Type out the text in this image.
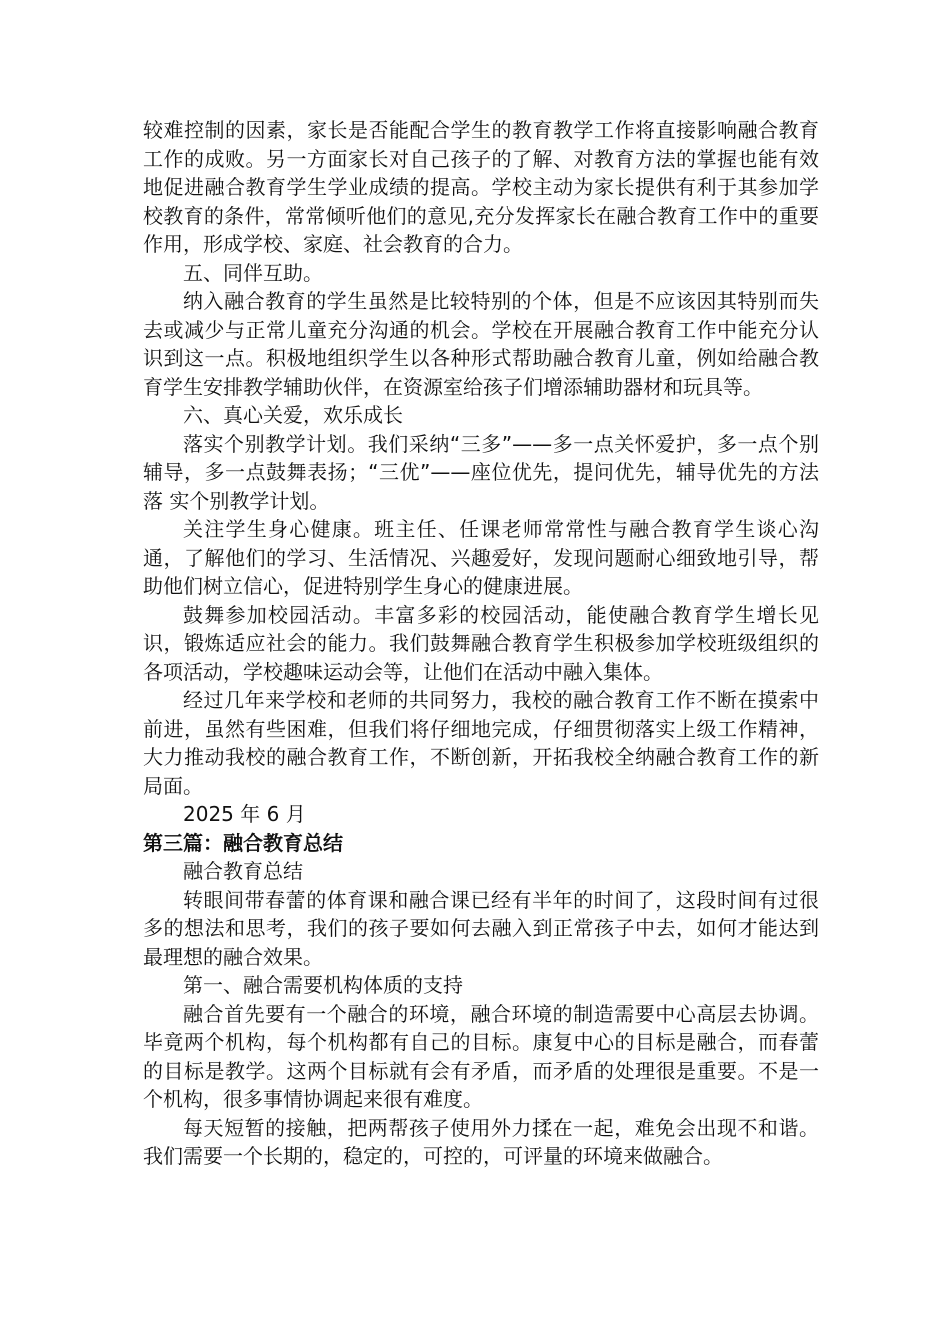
较难控制的因素，家长是否能配合学生的教育教学工作将直接影响融合教育工作的成败。另一方面家长对自己孩子的了解、对教育方法的掌握也能有效地促进融合教育学生学业成绩的提高。学校主动为家长提供有利于其参加学校教育的条件，常常倾听他们的意见,充分发挥家长在融合教育工作中的重要作用，形成学校、家庭、社会教育的合力。

五、同伴互助。

纳入融合教育的学生虽然是比较特别的个体，但是不应该因其特别而失去或减少与正常儿童充分沟通的机会。学校在开展融合教育工作中能充分认识到这一点。积极地组织学生以各种形式帮助融合教育儿童，例如给融合教育学生安排教学辅助伙伴，在资源室给孩子们增添辅助器材和玩具等。

六、真心关爱，欢乐成长

落实个别教学计划。我们采纳“三多”——多一点关怀爱护，多一点个别辅导，多一点鼓舞表扬；“三优”——座位优先，提问优先，辅导优先的方法落 实个别教学计划。

关注学生身心健康。班主任、任课老师常常性与融合教育学生谈心沟通，了解他们的学习、生活情况、兴趣爱好，发现问题耐心细致地引导，帮助他们树立信心，促进特别学生身心的健康进展。

鼓舞参加校园活动。丰富多彩的校园活动，能使融合教育学生增长见识，锻炼适应社会的能力。我们鼓舞融合教育学生积极参加学校班级组织的各项活动，学校趣味运动会等，让他们在活动中融入集体。

经过几年来学校和老师的共同努力，我校的融合教育工作不断在摸索中前进，虽然有些困难，但我们将仔细地完成，仔细贯彻落实上级工作精神，大力推动我校的融合教育工作，不断创新，开拓我校全纳融合教育工作的新局面。

2025 年 6 月

第三篇：融合教育总结

融合教育总结

转眼间带春蕾的体育课和融合课已经有半年的时间了，这段时间有过很多的想法和思考，我们的孩子要如何去融入到正常孩子中去，如何才能达到最理想的融合效果。

第一、融合需要机构体质的支持

融合首先要有一个融合的环境，融合环境的制造需要中心高层去协调。毕竟两个机构，每个机构都有自己的目标。康复中心的目标是融合，而春蕾的目标是教学。这两个目标就有会有矛盾，而矛盾的处理很是重要。不是一个机构，很多事情协调起来很有难度。

每天短暂的接触，把两帮孩子使用外力揉在一起，难免会出现不和谐。我们需要一个长期的，稳定的，可控的，可评量的环境来做融合。
